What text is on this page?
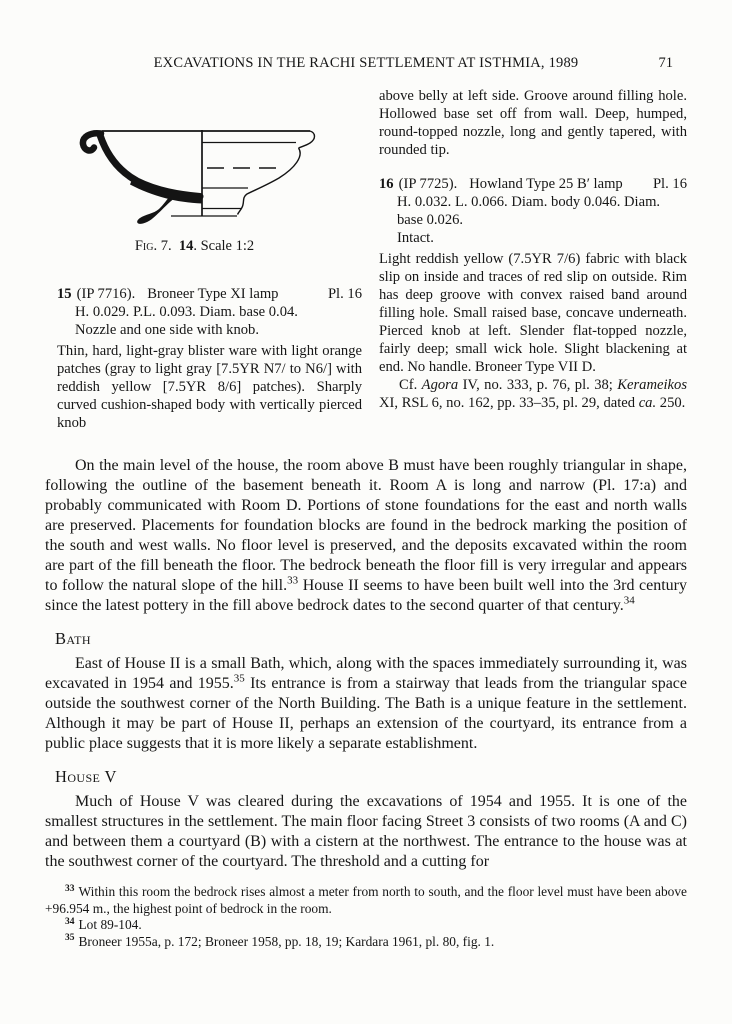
EXCAVATIONS IN THE RACHI SETTLEMENT AT ISTHMIA, 1989	71
Fig. 7. 14. Scale 1:2
15 (IP 7716). Broneer Type XI lamp	Pl. 16
H. 0.029. P.L. 0.093. Diam. base 0.04.
Nozzle and one side with knob.

Thin, hard, light-gray blister ware with light orange patches (gray to light gray [7.5YR N7/ to N6/] with reddish yellow [7.5YR 8/6] patches). Sharply curved cushion-shaped body with vertically pierced knob

above belly at left side. Groove around filling hole. Hollowed base set off from wall. Deep, humped, round-topped nozzle, long and gently tapered, with rounded tip.

16 (IP 7725). Howland Type 25 B′ lamp Pl. 16
H. 0.032. L. 0.066. Diam. body 0.046. Diam. base 0.026.
Intact.

Light reddish yellow (7.5YR 7/6) fabric with black slip on inside and traces of red slip on outside. Rim has deep groove with convex raised band around filling hole. Small raised base, concave underneath. Pierced knob at left. Slender flat-topped nozzle, fairly deep; small wick hole. Slight blackening at end. No handle. Broneer Type VII D.

Cf. Agora IV, no. 333, p. 76, pl. 38; Kerameikos XI, RSL 6, no. 162, pp. 33–35, pl. 29, dated ca. 250.

On the main level of the house, the room above B must have been roughly triangular in shape, following the outline of the basement beneath it. Room A is long and narrow (Pl. 17:a) and probably communicated with Room D. Portions of stone foundations for the east and north walls are preserved. Placements for foundation blocks are found in the bedrock marking the position of the south and west walls. No floor level is preserved, and the deposits excavated within the room are part of the fill beneath the floor. The bedrock beneath the floor fill is very irregular and appears to follow the natural slope of the hill.$^{33}$ House II seems to have been built well into the 3rd century since the latest pottery in the fill above bedrock dates to the second quarter of that century.$^{34}$

Bath

East of House II is a small Bath, which, along with the spaces immediately surrounding it, was excavated in 1954 and 1955.35 Its entrance is from a stairway that leads from the triangular space outside the southwest corner of the North Building. The Bath is a unique feature in the settlement. Although it may be part of House II, perhaps an extension of the courtyard, its entrance from a public place suggests that it is more likely a separate establishment.

House V

Much of House V was cleared during the excavations of 1954 and 1955. It is one of the smallest structures in the settlement. The main floor facing Street 3 consists of two rooms (A and C) and between them a courtyard (B) with a cistern at the northwest. The entrance to the house was at the southwest corner of the courtyard. The threshold and a cutting for

$^{33}$ Within this room the bedrock rises almost a meter from north to south, and the floor level must have been above +96.954 m., the highest point of bedrock in the room.

$^{34}$ Lot 89-104.

$^{35}$ Broneer 1955a, p. 172; Broneer 1958, pp. 18, 19; Kardara 1961, pl. 80, fig. 1.
